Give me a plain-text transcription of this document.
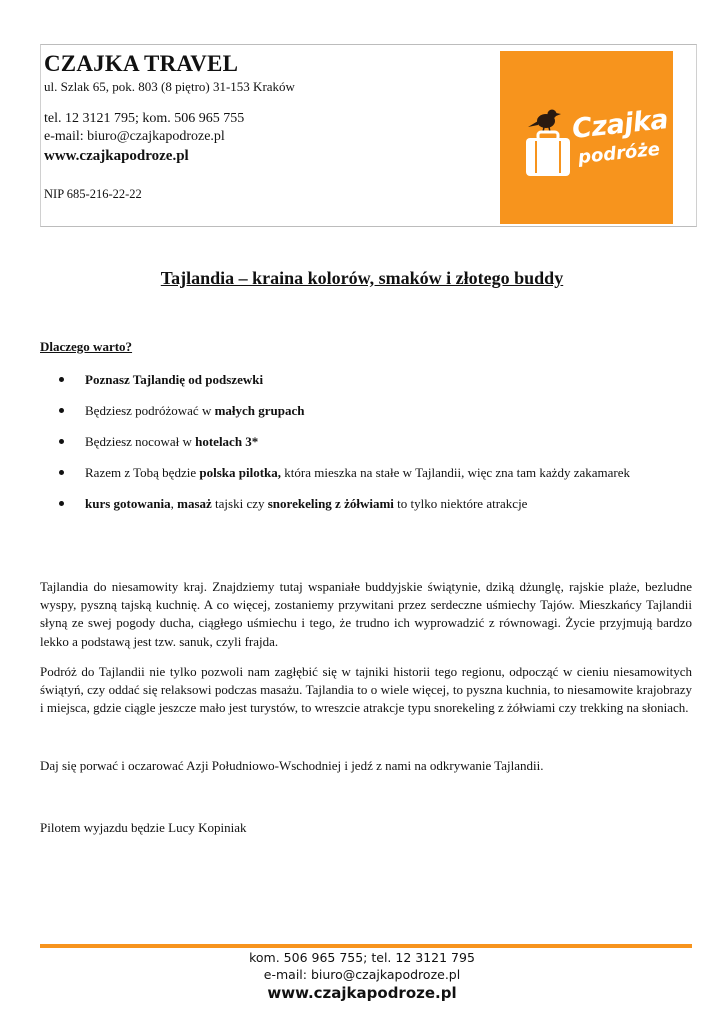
CZAJKA TRAVEL
ul. Szlak 65, pok. 803 (8 piętro) 31-153 Kraków
tel. 12 3121 795; kom. 506 965 755
e-mail: biuro@czajkapodroze.pl
www.czajkapodroze.pl
NIP 685-216-22-22
Czajka
podróże
Tajlandia – kraina kolorów, smaków i złotego buddy
Dlaczego warto?
Poznasz Tajlandię od podszewki
Będziesz podróżować w małych grupach
Będziesz nocował w hotelach 3*
Razem z Tobą będzie polska pilotka, która mieszka na stałe w Tajlandii, więc zna tam każdy zakamarek
kurs gotowania, masaż tajski czy snorekeling z żółwiami to tylko niektóre atrakcje

Tajlandia do niesamowity kraj. Znajdziemy tutaj wspaniałe buddyjskie świątynie, dziką dżunglę, rajskie plaże, bezludne wyspy, pyszną tajską kuchnię. A co więcej, zostaniemy przywitani przez serdeczne uśmiechy Tajów. Mieszkańcy Tajlandii słyną ze swej pogody ducha, ciągłego uśmiechu i tego, że trudno ich wyprowadzić z równowagi. Życie przyjmują bardzo lekko a podstawą jest tzw. sanuk, czyli frajda.

Podróż do Tajlandii nie tylko pozwoli nam zagłębić się w tajniki historii tego regionu, odpocząć w cieniu niesamowitych świątyń, czy oddać się relaksowi podczas masażu. Tajlandia to o wiele więcej, to pyszna kuchnia, to niesamowite krajobrazy i miejsca, gdzie ciągle jeszcze mało jest turystów, to wreszcie atrakcje typu snorekeling z żółwiami czy trekking na słoniach.

Daj się porwać i oczarować Azji Południowo-Wschodniej i jedź z nami na odkrywanie Tajlandii.

Pilotem wyjazdu będzie Lucy Kopiniak
kom. 506 965 755; tel. 12 3121 795
e-mail: biuro@czajkapodroze.pl
www.czajkapodroze.pl
